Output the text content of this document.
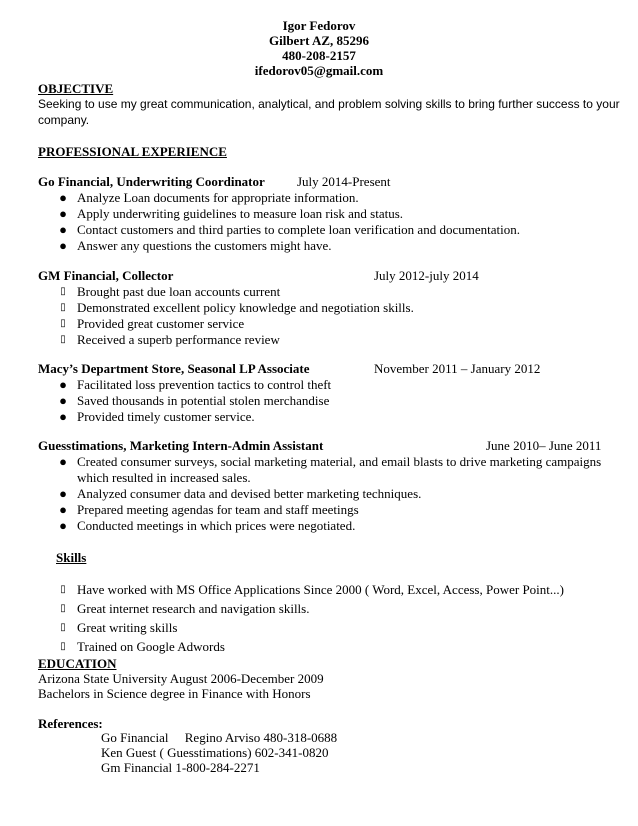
Igor Fedorov
Gilbert AZ, 85296
480-208-2157
ifedorov05@gmail.com
OBJECTIVE
Seeking to use my great communication, analytical, and problem solving skills to bring further success to your
company.
PROFESSIONAL EXPERIENCE
Go Financial, Underwriting Coordinator July 2014-Present
● Analyze Loan documents for appropriate information.
● Apply underwriting guidelines to measure loan risk and status.
● Contact customers and third parties to complete loan verification and documentation.
● Answer any questions the customers might have.
GM Financial, Collector	July 2012-july 2014
▯ Brought past due loan accounts current
▯ Demonstrated excellent policy knowledge and negotiation skills.
▯ Provided great customer service
▯ Received a superb performance review
Macy’s Department Store, Seasonal LP Associate	November 2011 – January 2012
● Facilitated loss prevention tactics to control theft
● Saved thousands in potential stolen merchandise
● Provided timely customer service.
Guesstimations, Marketing Intern-Admin Assistant	June 2010– June 2011
● Created consumer surveys, social marketing material, and email blasts to drive marketing campaigns
which resulted in increased sales.
● Analyzed consumer data and devised better marketing techniques.
● Prepared meeting agendas for team and staff meetings
● Conducted meetings in which prices were negotiated.
Skills
▯ Have worked with MS Office Applications Since 2000 ( Word, Excel, Access, Power Point...)
▯ Great internet research and navigation skills.
▯ Great writing skills
▯ Trained on Google Adwords
EDUCATION
Arizona State University August 2006-December 2009
Bachelors in Science degree in Finance with Honors
References:
Go Financial     Regino Arviso 480-318-0688
Ken Guest ( Guesstimations) 602-341-0820
Gm Financial 1-800-284-2271
